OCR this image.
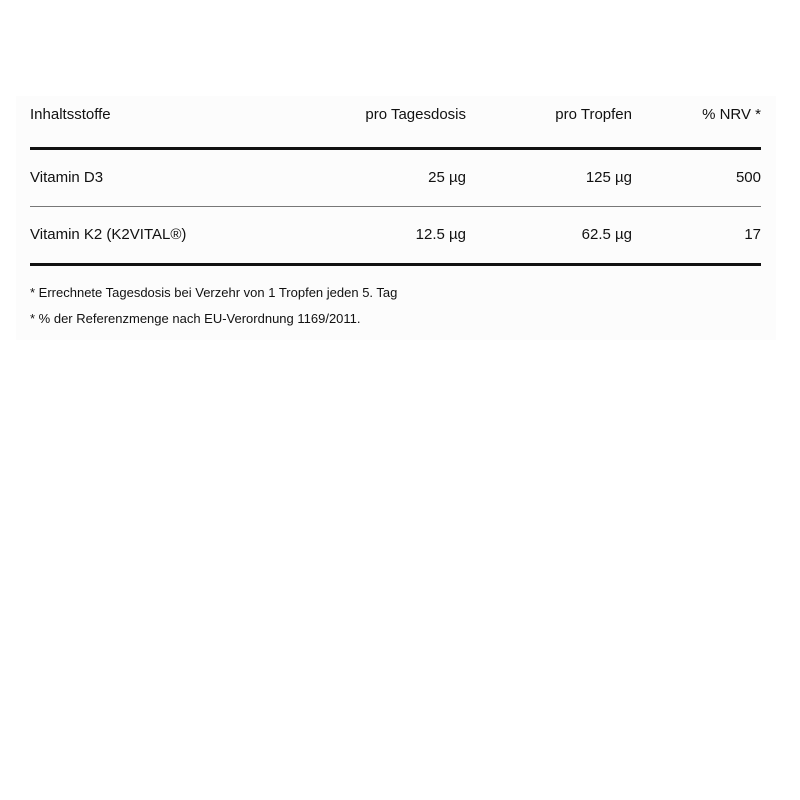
Inhaltsstoffe	pro Tagesdosis	pro Tropfen	% NRV *
Vitamin D3	25 µg	125 µg	500
Vitamin K2 (K2VITAL®)	12.5 µg	62.5 µg	17
* Errechnete Tagesdosis bei Verzehr von 1 Tropfen jeden 5. Tag
* % der Referenzmenge nach EU-Verordnung 1169/2011.
